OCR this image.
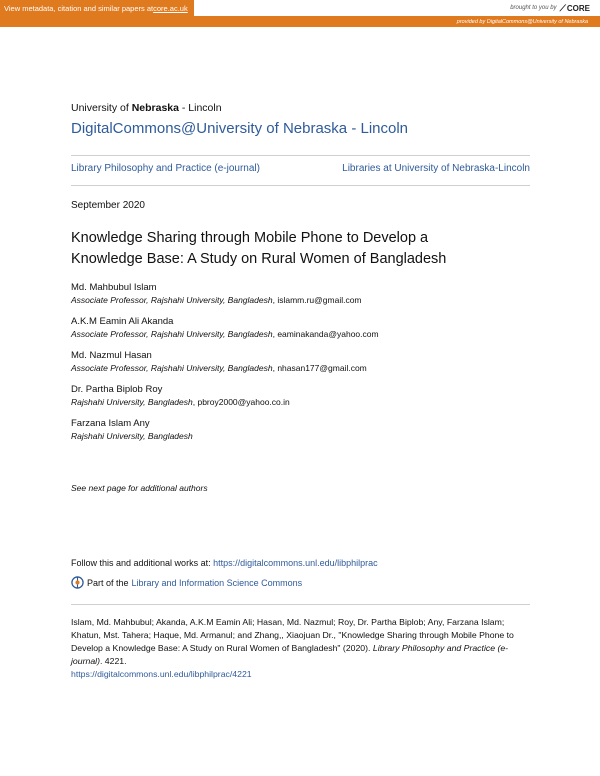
View metadata, citation and similar papers at core.ac.uk	brought to you by ⟋ CORE
provided by DigitalCommons@University of Nebraska
University of Nebraska - Lincoln
DigitalCommons@University of Nebraska - Lincoln
Library Philosophy and Practice (e-journal)	Libraries at University of Nebraska-Lincoln
September 2020
Knowledge Sharing through Mobile Phone to Develop a
Knowledge Base: A Study on Rural Women of Bangladesh
Md. Mahbubul Islam
Associate Professor, Rajshahi University, Bangladesh, islamm.ru@gmail.com
A.K.M Eamin Ali Akanda
Associate Professor, Rajshahi University, Bangladesh, eaminakanda@yahoo.com
Md. Nazmul Hasan
Associate Professor, Rajshahi University, Bangladesh, nhasan177@gmail.com
Dr. Partha Biplob Roy
Rajshahi University, Bangladesh, pbroy2000@yahoo.co.in
Farzana Islam Any
Rajshahi University, Bangladesh
See next page for additional authors
Follow this and additional works at: https://digitalcommons.unl.edu/libphilprac
Part of the Library and Information Science Commons
Islam, Md. Mahbubul; Akanda, A.K.M Eamin Ali; Hasan, Md. Nazmul; Roy, Dr. Partha Biplob; Any, Farzana Islam; Khatun, Mst. Tahera; Haque, Md. Armanul; and Zhang,, Xiaojuan Dr., "Knowledge Sharing through Mobile Phone to Develop a Knowledge Base: A Study on Rural Women of Bangladesh" (2020). Library Philosophy and Practice (e-journal). 4221.
https://digitalcommons.unl.edu/libphilprac/4221
